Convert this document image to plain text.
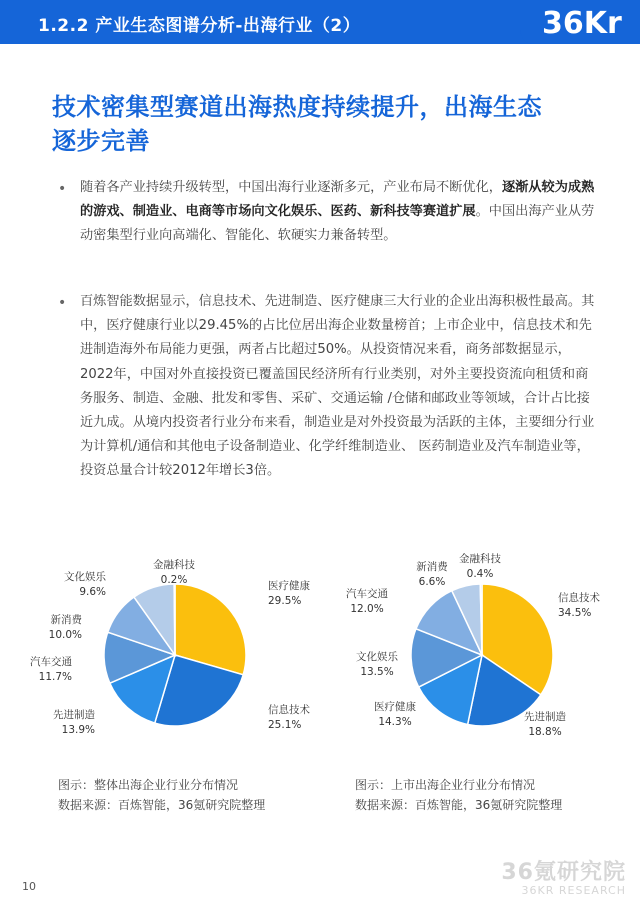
1.2.2 产业生态图谱分析-出海行业（2）	36Kr
技术密集型赛道出海热度持续提升，出海生态
逐步完善
• 随着各产业持续升级转型，中国出海行业逐渐多元，产业布局不断优化，逐渐从较为成熟的游戏、制造业、电商等市场向文化娱乐、医药、新科技等赛道扩展。中国出海产业从劳动密集型行业向高端化、智能化、软硬实力兼备转型。
• 百炼智能数据显示，信息技术、先进制造、医疗健康三大行业的企业出海积极性最高。其中，医疗健康行业以29.45%的占比位居出海企业数量榜首；上市企业中，信息技术和先进制造海外布局能力更强，两者占比超过50%。从投资情况来看，商务部数据显示，2022年，中国对外直接投资已覆盖国民经济所有行业类别，对外主要投资流向租赁和商务服务、制造、金融、批发和零售、采矿、交通运输 /仓储和邮政业等领域，合计占比接近九成。从境内投资者行业分布来看，制造业是对外投资最为活跃的主体，主要细分行业为计算机/通信和其他电子设备制造业、化学纤维制造业、 医药制造业及汽车制造业等，投资总量合计较2012年增长3倍。
医疗健康
29.5%
信息技术
25.1%
先进制造
13.9%
汽车交通
11.7%
新消费
10.0%
文化娱乐
9.6%
金融科技
0.2%
信息技术
34.5%
先进制造
18.8%
医疗健康
14.3%
文化娱乐
13.5%
汽车交通
12.0%
新消费
6.6%
金融科技
0.4%
图示：整体出海企业行业分布情况
数据来源：百炼智能，36氪研究院整理
图示：上市出海企业行业分布情况
数据来源：百炼智能，36氪研究院整理
10
36氪研究院
36KR RESEARCH
